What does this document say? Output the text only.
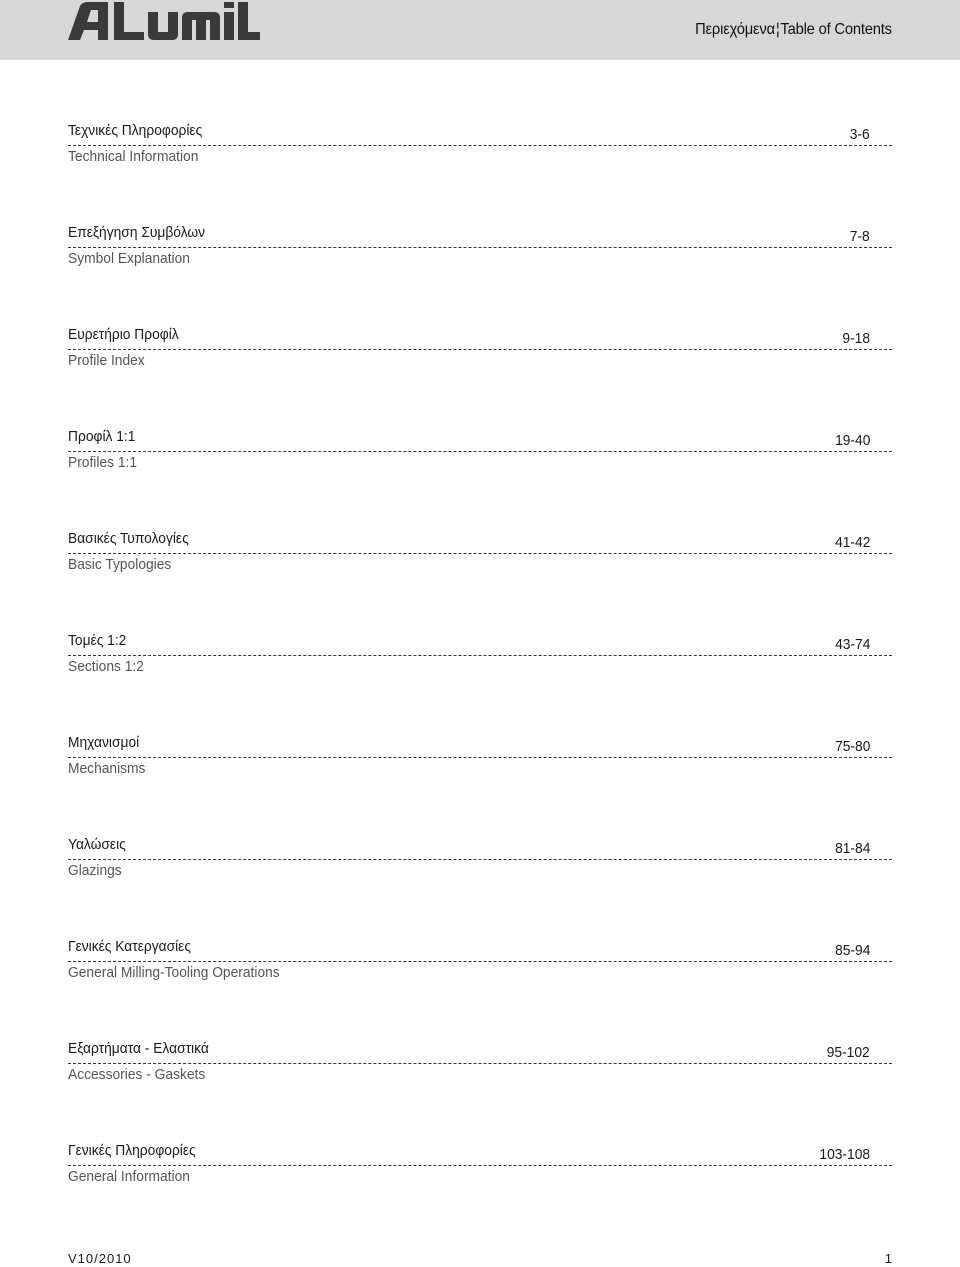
Περιεχόμενα¦Table of Contents
Τεχνικές Πληροφορίες	3-6
Technical Information
Επεξήγηση Συμβόλων	7-8
Symbol Explanation
Ευρετήριο Προφίλ	9-18
Profile Index
Προφίλ 1:1	19-40
Profiles 1:1
Βασικές Τυπολογίες	41-42
Basic Typologies
Τομές 1:2	43-74
Sections 1:2
Μηχανισμοί	75-80
Mechanisms
Υαλώσεις	81-84
Glazings
Γενικές Κατεργασίες	85-94
General Milling-Tooling Operations
Εξαρτήματα - Ελαστικά	95-102
Accessories - Gaskets
Γενικές Πληροφορίες	103-108
General Information
V10/2010	1
